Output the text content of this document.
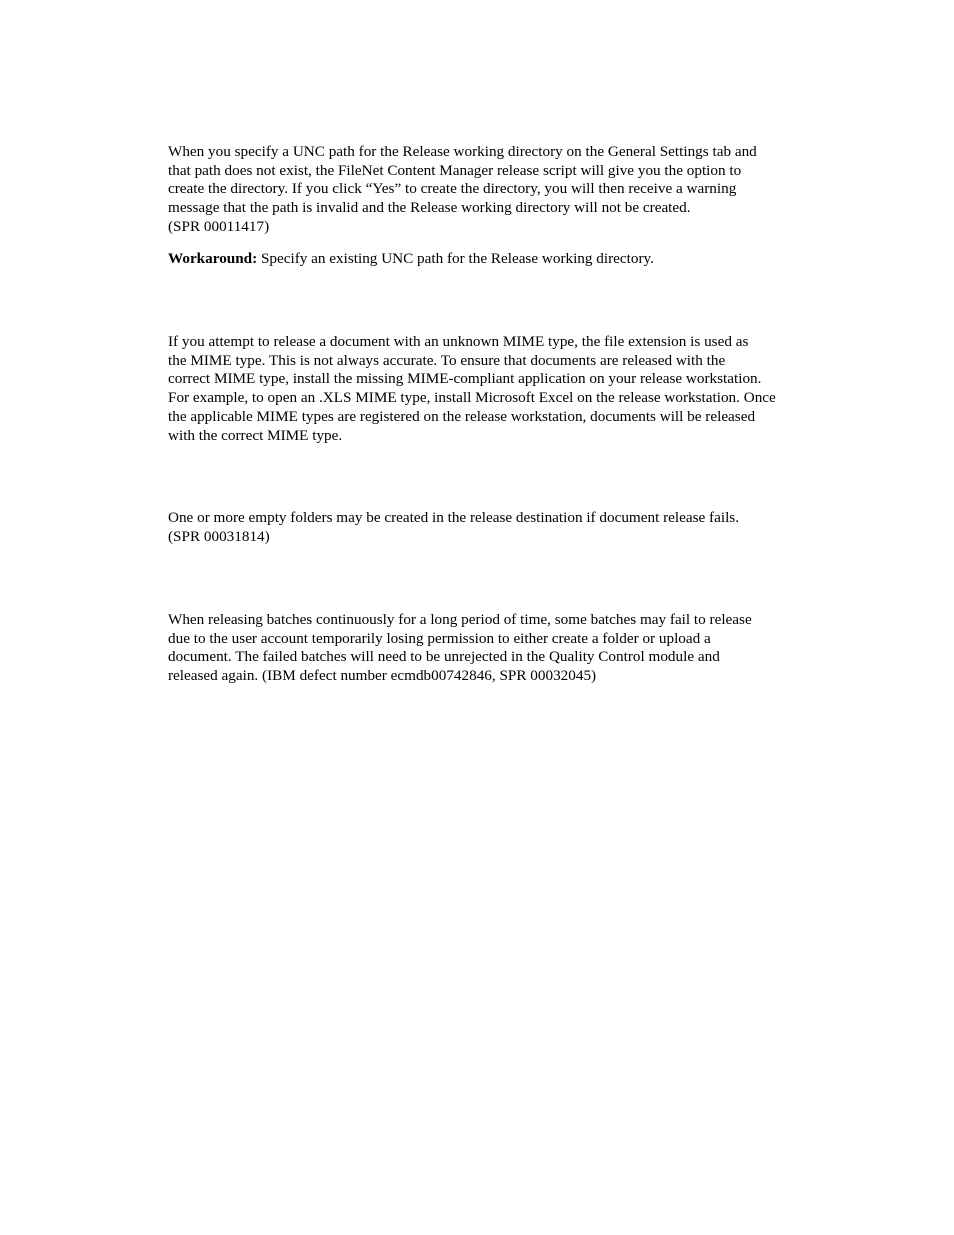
When you specify a UNC path for the Release working directory on the General Settings tab and
that path does not exist, the FileNet Content Manager release script will give you the option to
create the directory. If you click “Yes” to create the directory, you will then receive a warning
message that the path is invalid and the Release working directory will not be created.
(SPR 00011417)

Workaround: Specify an existing UNC path for the Release working directory.

If you attempt to release a document with an unknown MIME type, the file extension is used as
the MIME type. This is not always accurate. To ensure that documents are released with the
correct MIME type, install the missing MIME-compliant application on your release workstation.
For example, to open an .XLS MIME type, install Microsoft Excel on the release workstation. Once
the applicable MIME types are registered on the release workstation, documents will be released
with the correct MIME type.

One or more empty folders may be created in the release destination if document release fails.
(SPR 00031814)

When releasing batches continuously for a long period of time, some batches may fail to release
due to the user account temporarily losing permission to either create a folder or upload a
document. The failed batches will need to be unrejected in the Quality Control module and
released again. (IBM defect number ecmdb00742846, SPR 00032045)
